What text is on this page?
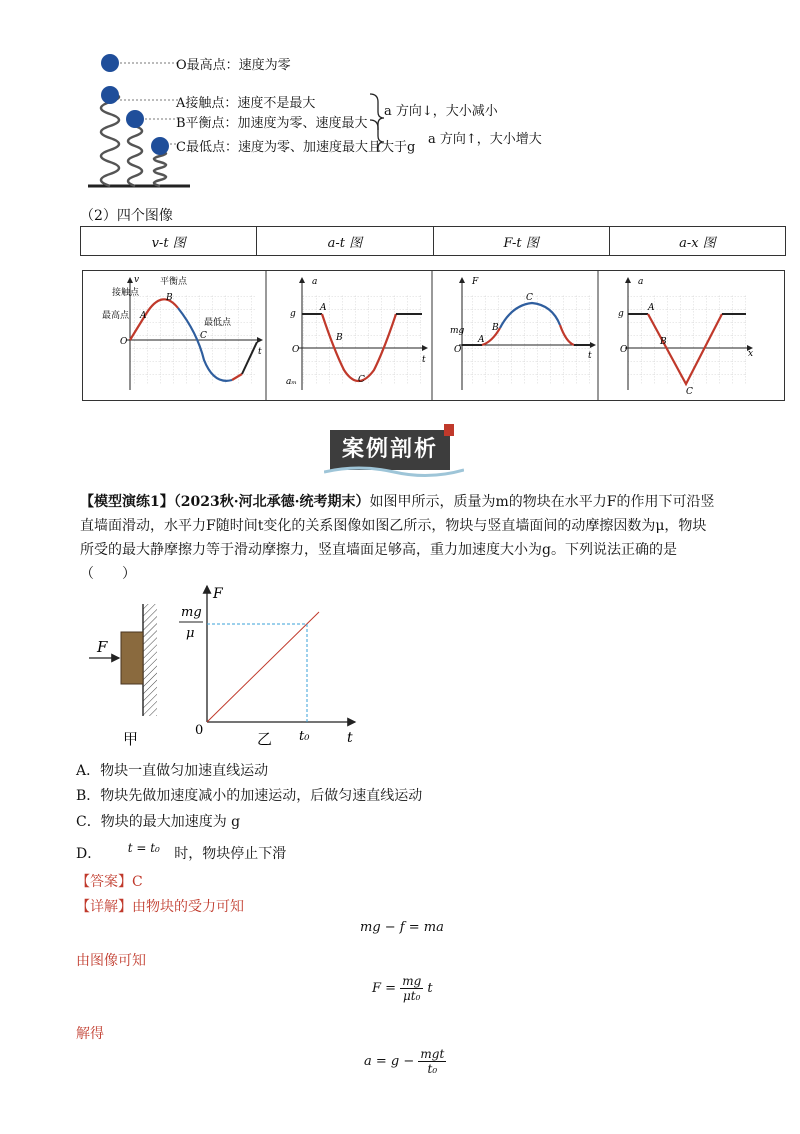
O最高点：速度为零
A接触点：速度不是最大
B平衡点：加速度为零、速度最大
C最低点：速度为零、加速度最大且大于g
a 方向↓，大小减小
a 方向↑，大小增大
（2）四个图像
v-t 图	a-t 图	F-t 图	a-x 图
v
t
O
平衡点
接触点
最高点
最低点
A
B
C
a
t
O
g
aₘ
A
B
C
F
t
O
mg
A
B
C
a
x
O
g
A
B
C
案例剖析
【模型演练1】（2023秋·河北承德·统考期末）如图甲所示，质量为m的物块在水平力F的作用下可沿竖
直墙面滑动，水平力F随时间t变化的关系图像如图乙所示，物块与竖直墙面间的动摩擦因数为μ，物块
所受的最大静摩擦力等于滑动摩擦力，竖直墙面足够高，重力加速度大小为g。下列说法正确的是
（　　）
F
甲
F
t
0	t₀
乙
mg
μ
A．物块一直做匀加速直线运动
B．物块先做加速度减小的加速运动，后做匀速直线运动
C．物块的最大加速度为 g
D． t = t₀ 时，物块停止下滑
【答案】C
【详解】由物块的受力可知
mg − f = ma
由图像可知
$F = \frac{mg}{\text{μt₀}}$ t
解得
$a = g - \frac{\text{mgt}}{\text{t₀}}$
